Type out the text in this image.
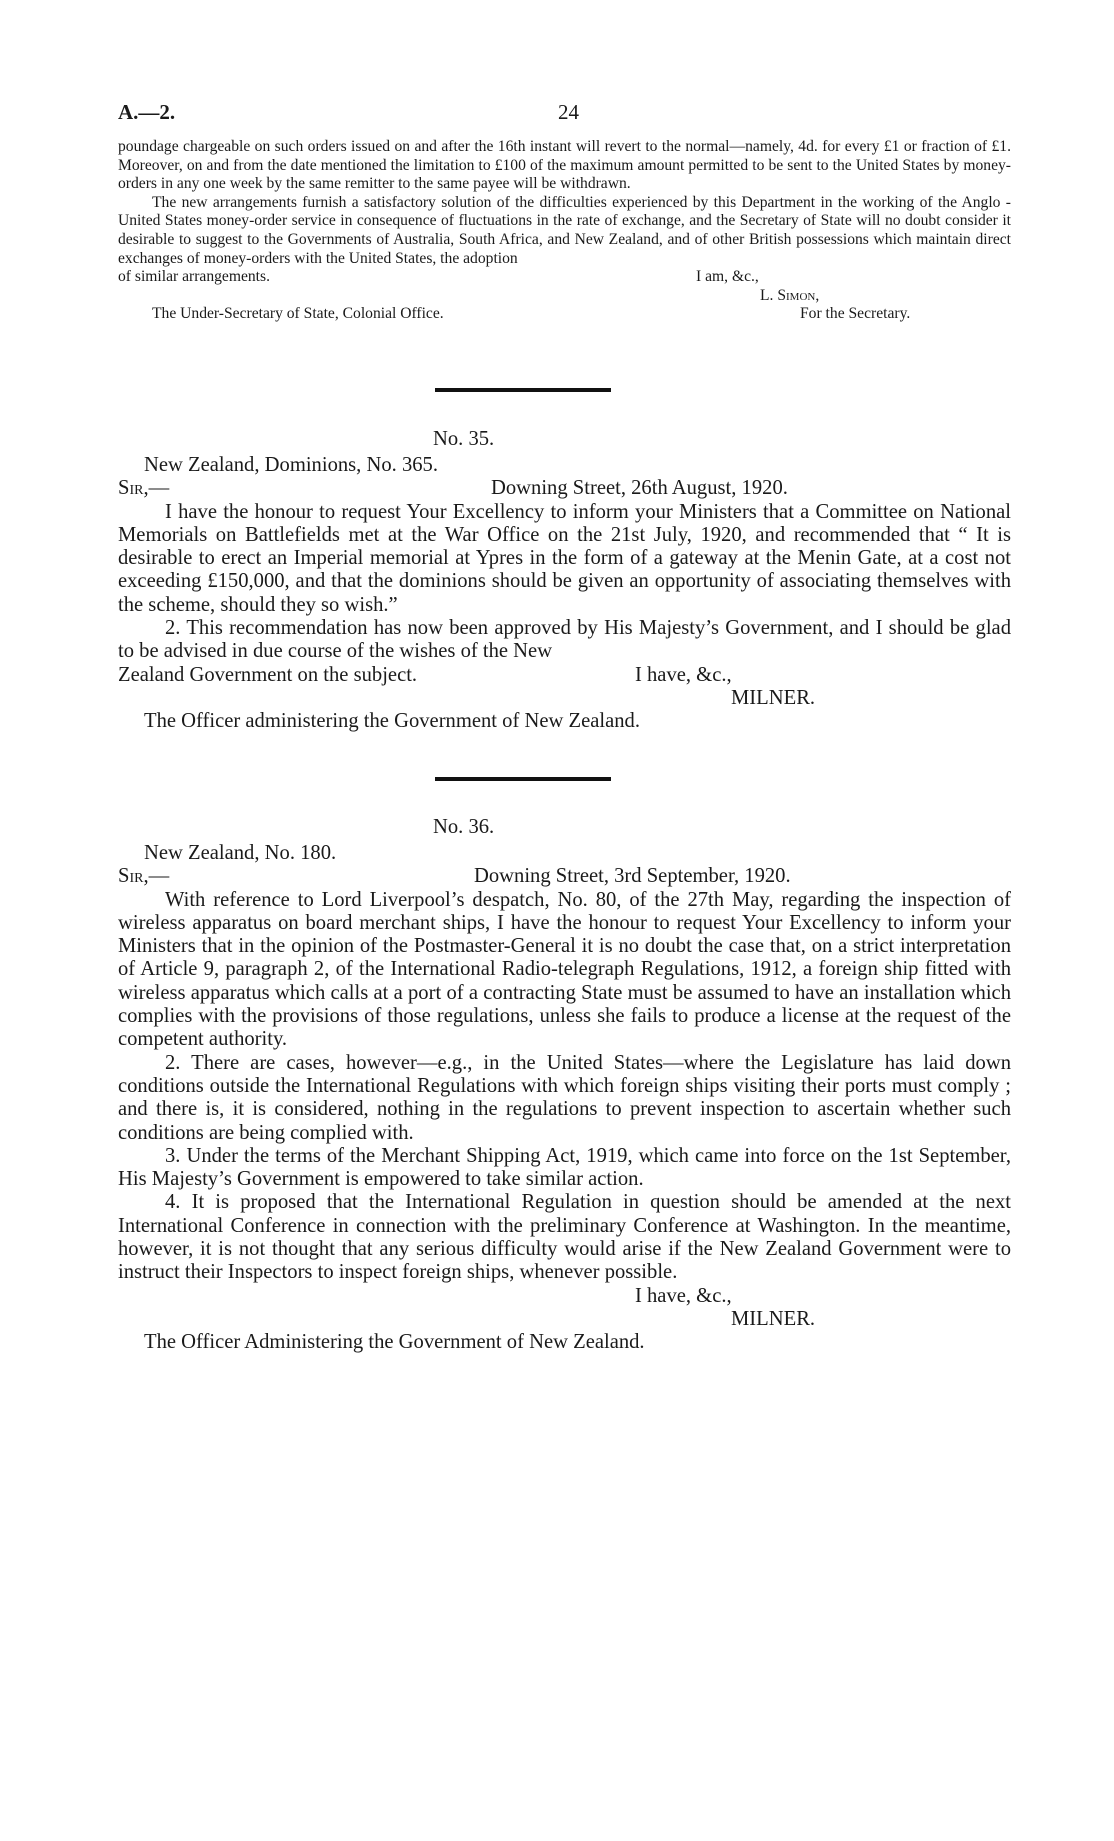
A.—2.	24

poundage chargeable on such orders issued on and after the 16th instant will revert to the normal—namely, 4d. for every £1 or fraction of £1. Moreover, on and from the date mentioned the limitation to £100 of the maximum amount permitted to be sent to the United States by money-orders in any one week by the same remitter to the same payee will be withdrawn.

The new arrangements furnish a satisfactory solution of the difficulties experienced by this Department in the working of the Anglo - United States money-order service in consequence of fluctuations in the rate of exchange, and the Secretary of State will no doubt consider it desirable to suggest to the Governments of Australia, South Africa, and New Zealand, and of other British possessions which maintain direct exchanges of money-orders with the United States, the adoption

of similar arrangements.	I am, &c.,
L. Simon,
The Under-Secretary of State, Colonial Office.	For the Secretary.
No. 35.
New Zealand, Dominions, No. 365.
Sir,—	Downing Street, 26th August, 1920.

I have the honour to request Your Excellency to inform your Ministers that a Committee on National Memorials on Battlefields met at the War Office on the 21st July, 1920, and recommended that “ It is desirable to erect an Imperial memorial at Ypres in the form of a gateway at the Menin Gate, at a cost not exceeding £150,000, and that the dominions should be given an opportunity of associating themselves with the scheme, should they so wish.”

2. This recommendation has now been approved by His Majesty’s Government, and I should be glad to be advised in due course of the wishes of the New

Zealand Government on the subject.	I have, &c.,
MILNER.
The Officer administering the Government of New Zealand.
No. 36.
New Zealand, No. 180.
Sir,—	Downing Street, 3rd September, 1920.

With reference to Lord Liverpool’s despatch, No. 80, of the 27th May, regarding the inspection of wireless apparatus on board merchant ships, I have the honour to request Your Excellency to inform your Ministers that in the opinion of the Postmaster-General it is no doubt the case that, on a strict interpretation of Article 9, paragraph 2, of the International Radio-telegraph Regulations, 1912, a foreign ship fitted with wireless apparatus which calls at a port of a contracting State must be assumed to have an installation which complies with the provisions of those regulations, unless she fails to produce a license at the request of the competent authority.

2. There are cases, however—e.g., in the United States—where the Legislature has laid down conditions outside the International Regulations with which foreign ships visiting their ports must comply ; and there is, it is considered, nothing in the regulations to prevent inspection to ascertain whether such conditions are being complied with.

3. Under the terms of the Merchant Shipping Act, 1919, which came into force on the 1st September, His Majesty’s Government is empowered to take similar action.

4. It is proposed that the International Regulation in question should be amended at the next International Conference in connection with the preliminary Conference at Washington. In the meantime, however, it is not thought that any serious difficulty would arise if the New Zealand Government were to instruct their Inspectors to inspect foreign ships, whenever possible.

I have, &c.,
MILNER.
The Officer Administering the Government of New Zealand.
